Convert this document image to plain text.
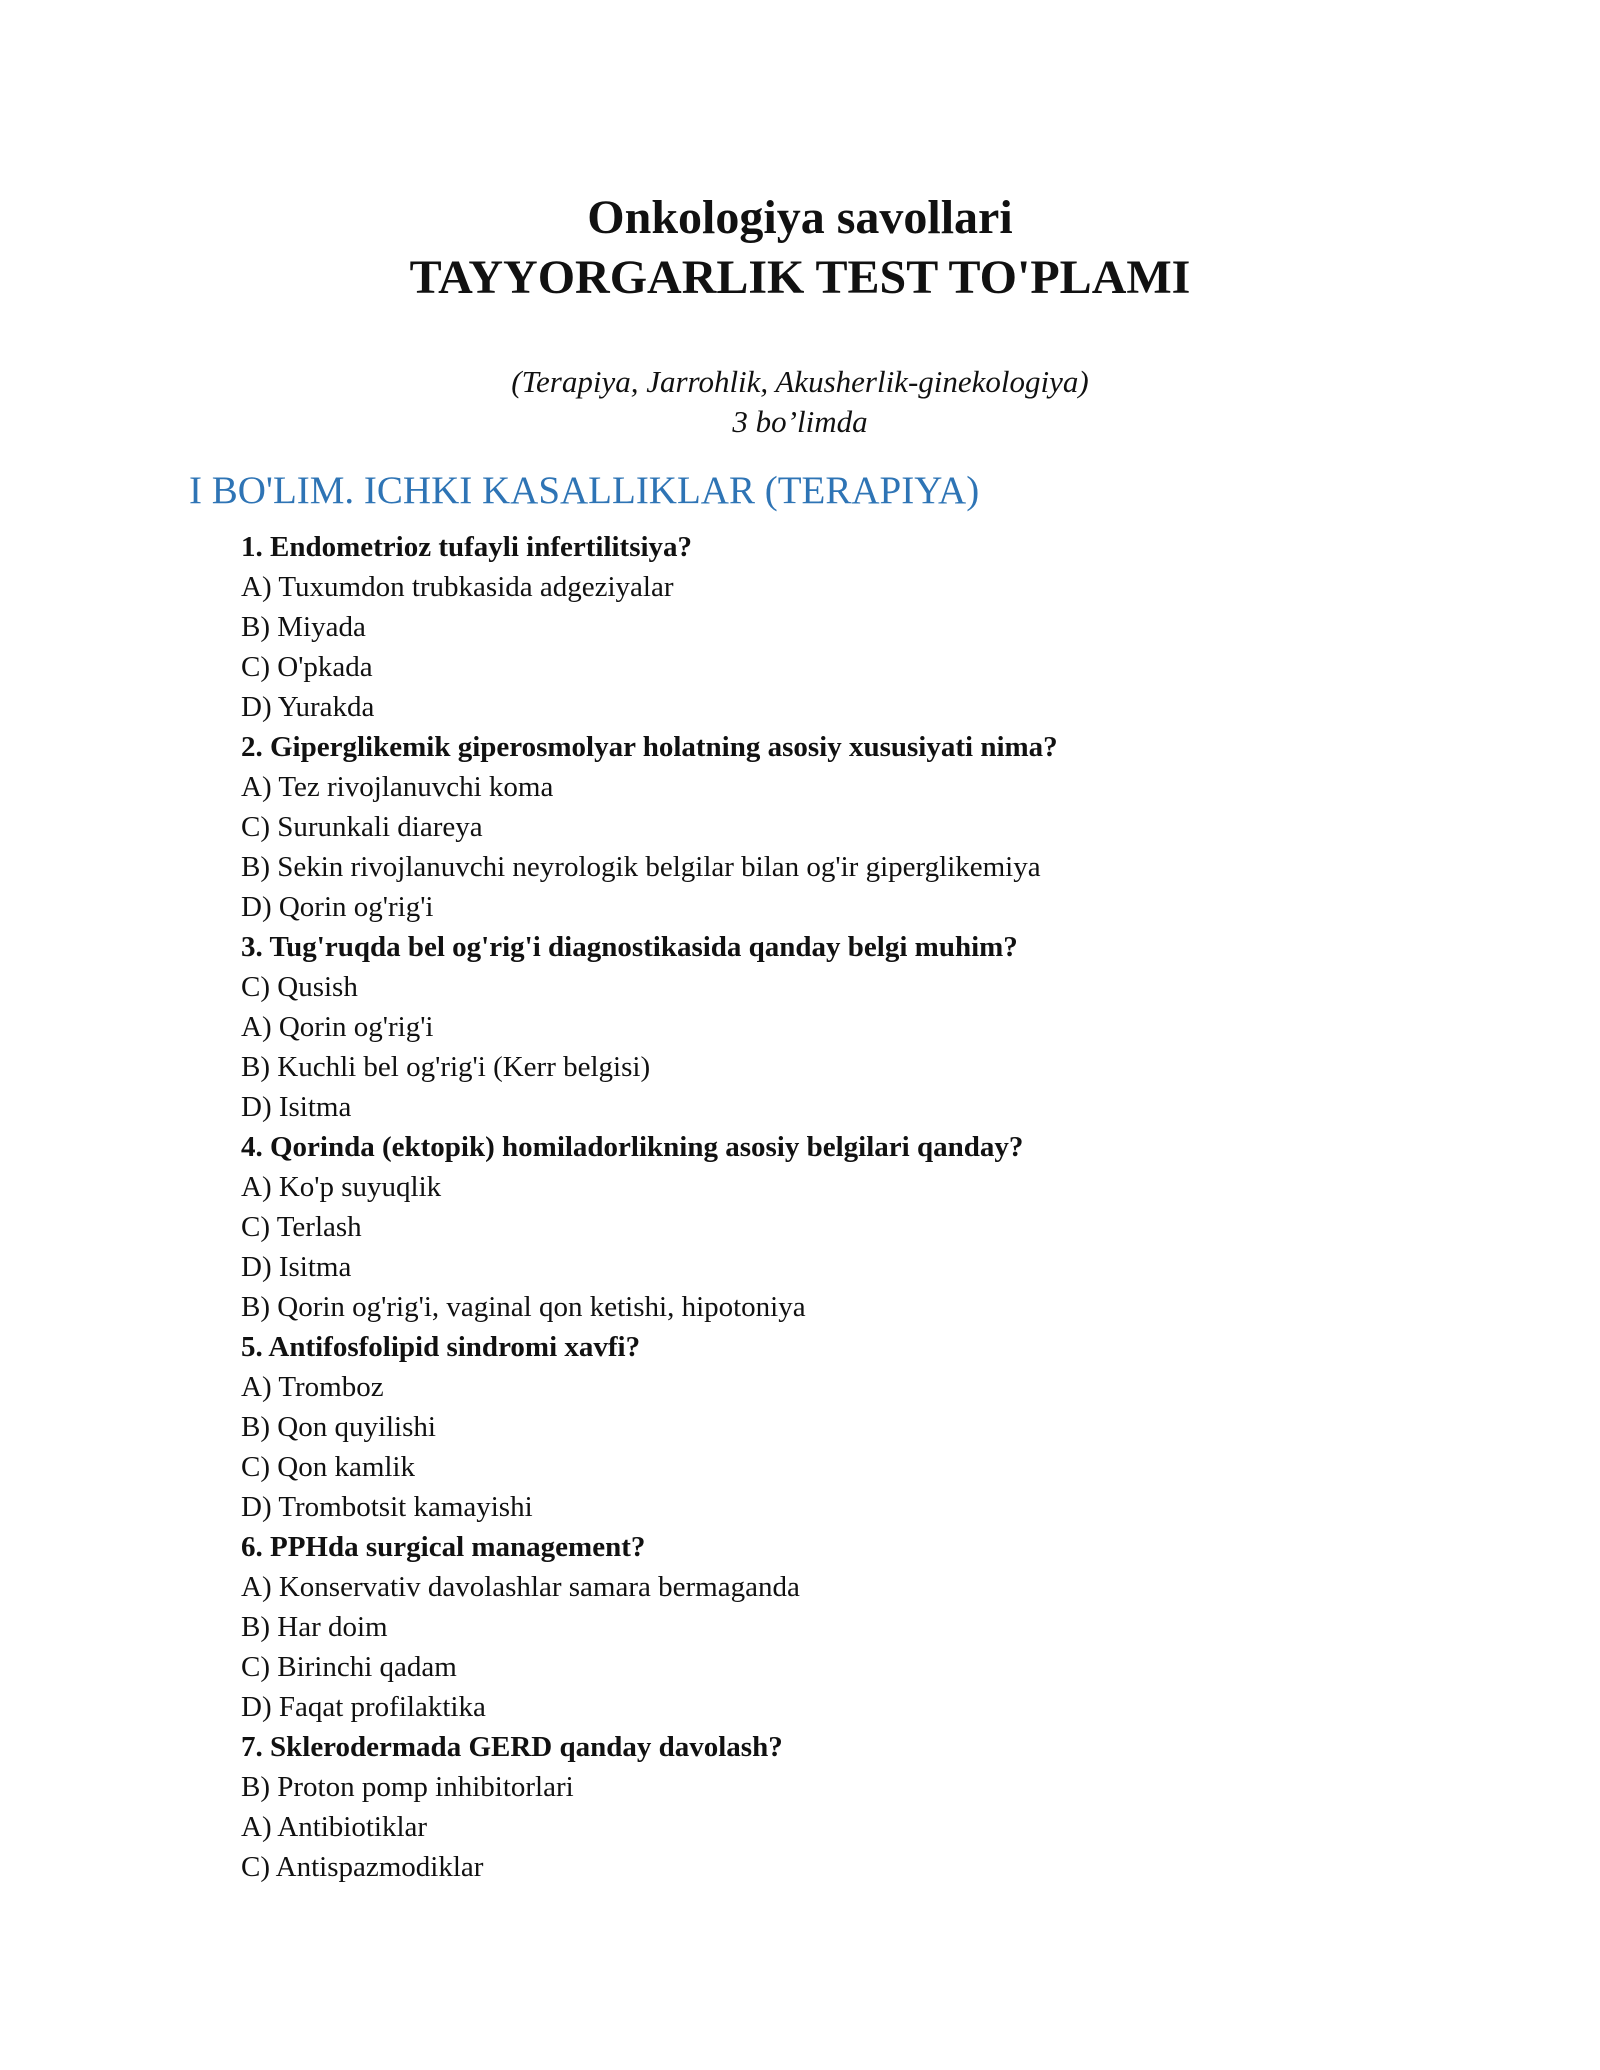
Onkologiya savollari
TAYYORGARLIK TEST TO'PLAMI

(Terapiya, Jarrohlik, Akusherlik-ginekologiya)

3 bo’limda

I BO'LIM. ICHKI KASALLIKLAR (TERAPIYA)

1. Endometrioz tufayli infertilitsiya?

A) Tuxumdon trubkasida adgeziyalar
B) Miyada
C) O'pkada
D) Yurakda

2. Giperglikemik giperosmolyar holatning asosiy xususiyati nima?

A) Tez rivojlanuvchi koma
C) Surunkali diareya
B) Sekin rivojlanuvchi neyrologik belgilar bilan og'ir giperglikemiya
D) Qorin og'rig'i

3. Tug'ruqda bel og'rig'i diagnostikasida qanday belgi muhim?

C) Qusish
A) Qorin og'rig'i
B) Kuchli bel og'rig'i (Kerr belgisi)
D) Isitma

4. Qorinda (ektopik) homiladorlikning asosiy belgilari qanday?

A) Ko'p suyuqlik
C) Terlash
D) Isitma
B) Qorin og'rig'i, vaginal qon ketishi, hipotoniya

5. Antifosfolipid sindromi xavfi?

A) Tromboz
B) Qon quyilishi
C) Qon kamlik
D) Trombotsit kamayishi

6. PPHda surgical management?

A) Konservativ davolashlar samara bermaganda
B) Har doim
C) Birinchi qadam
D) Faqat profilaktika

7. Sklerodermada GERD qanday davolash?

B) Proton pomp inhibitorlari
A) Antibiotiklar
C) Antispazmodiklar
